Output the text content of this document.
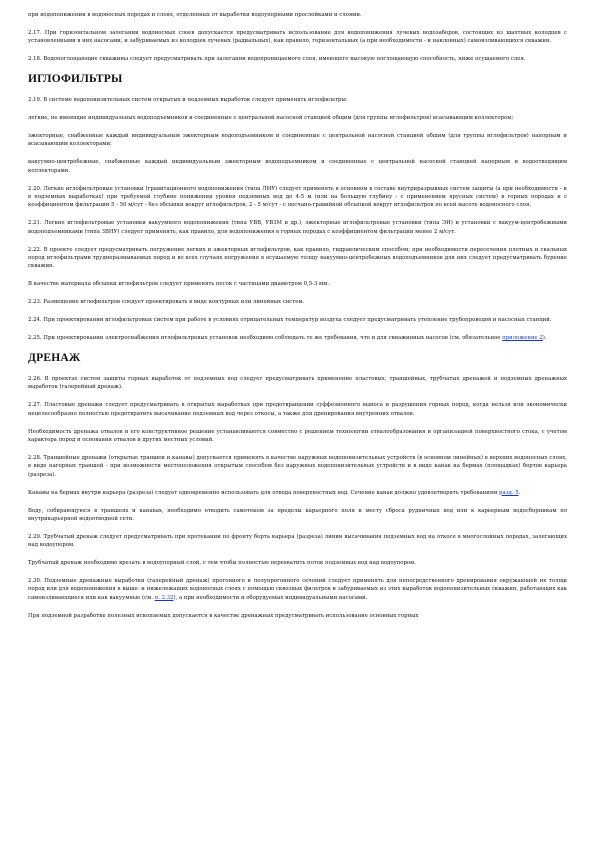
при водопонижении в водоносных породах и слоях, отделенных от выработки водоупорными прослойками и слоями.

2.17. При горизонтальном залегании водоносных слоев допускается предусматривать использование для водопонижения лучевых водозаборов, состоящих из шахтных колодцев с установленными в них насосами, и забуриваемых из колодцев лучевых (радиальных), как правило, горизонтальных (а при необходимости - и наклонных) самоизливающихся скважин.

2.18. Водопоглощающие скважины следует предусматривать при залегании водопроницаемого слоя, имеющего высокую поглощающую способность, ниже осушаемого слоя.

ИГЛОФИЛЬТРЫ

2.19. В системе водопонизительных систем открытых и подземных выработок следует применять иглофильтры:

легкие, не имеющие индивидуальных водоподъемников и соединенные с центральной насосной станцией общим (для группы иглофильтров) всасывающим коллектором;

эжекторные, снабженные каждый индивидуальным эжекторным водоподъемником и соединенные с центральной насосной станцией общим (для группы иглофильтров) напорным и всасывающим коллекторами;

вакуумно-центробежные, снабженные каждый индивидуальным эжекторным водоподъемником и соединенные с центральной насосной станцией напорным и водоотводящим коллекторами.

2.20. Легкие иглофильтровые установки (гравитационного водопонижения (типа ЛИУ) следует применять в основном в составе внутриразрывных систем защиты (а при необходимости - и в подземных выработках) при требуемой глубине понижения уровня подземных вод до 4-5 м (или на большую глубину - с применением ярусных систем) в горных породах и с коэффициентом фильтрации 5 - 50 м/сут - без обсыпки вокруг иглофильтров, 2 - 5 м/сут - с песчано-гравийной обсыпкой вокруг иглофильтров по всей высоте водоносного слоя.

2.21. Легкие иглофильтровые установки вакуумного водопонижения (типа УВВ, УВЗМ и др.), эжекторные иглофильтровые установки (типа ЭИ) и установки с вакуум-центробежными водоподъемниками (типа ЗВНУ) следует применять, как правило, для водопонижения в горных породах с коэффициентом фильтрации менее 2 м/сут.

2.22. В проекте следует предусматривать погружение легких и эжекторных иглофильтров, как правило, гидравлическим способом; при необходимости пересечения плотных и скальных пород иглофильтрами трудноразмываемых пород и во всех случаях погружения в осушаемую толщу вакуумно-центробежных водоподъемников для них следует предусматривать бурение скважин.

В качестве материала обсыпки иглофильтров следует применять песок с частицами диаметром 0,5-3 мм.

2.23. Размещение иглофильтров следует проектировать в виде контурных или линейных систем.

2.24. При проектировании иглофильтровых систем при работе в условиях отрицательных температур воздуха следует предусматривать утепление трубопроводов и насосных станций.

2.25. При проектировании электроснабжения иглофильтровых установок необходимо соблюдать те же требования, что и для скважинных насосов (см. обязательное приложение 2).

ДРЕНАЖ

2.26. В проектах систем защиты горных выработок от подземных вод следует предусматривать применение пластовых, траншейных, трубчатых дренажей и подземных дренажных выработок (галерейный дренаж).

2.27. Пластовые дренажи следует предусматривать в открытых выработках при предотвращении суффозионного выноса и разрушения горных пород, когда нельзя или экономически нецелесообразно полностью предотвратить высачивание подземных вод через откосы, а также для дренирования внутренних отвалов.

Необходимость дренажа отвалов и его конструктивное решение устанавливаются совместно с решением технологии отвалообразования и организацией поверхностного стока, с учетом характера пород и основания отвалов и других местных условий.

2.28. Траншейные дренажи (открытые траншеи и канавы) допускается применять в качестве наружных водопонизительных устройств (в основном линейных) в верхних водоносных слоях, в виде нагорных траншей - при возможности местоположения открытым способом без наружных водопонизительных устройств и в виде канав на бермах (площадках) бортов карьера (разреза).

Канавы на бермах внутри карьера (разреза) следует одновременно использовать для отвода поверхностных вод. Сечение канав должно удовлетворять требованиям разд. 5.

Воду, собирающуюся в траншеях и канавах, необходимо отводить самотеком за пределы карьерного поля к месту сброса рудничных вод или к карьерным водосборникам по внутрикарьерной водоотводной сети.

2.29. Трубчатый дренаж следует предусматривать при протекании по фронту борта карьера (разреза) линии высачивания подземных вод на откосе в многослойных породах, залегающих над водоупором.

Трубчатый дренаж необходимо врезать в водоупорный слой, с тем чтобы полностью перехватить поток подземных вод над водоупором.

2.30. Подземные дренажные выработки (галерейный дренаж) прогонного и полупрогонного сечений следует применять для непосредственного дренирования окружающей их толщи пород или для водопонижения в выше- и нижележащих водоносных слоях с помощью сквозных фильтров и забуриваемых из этих выработок водопонизительных скважин, работающих как самоизливающиеся или как вакуумные (см. п. 2.32), а при необходимости и оборудуемых индивидуальными насосами.

При подземной разработке полезных ископаемых допускается в качестве дренажных предусматривать использование основных горных
